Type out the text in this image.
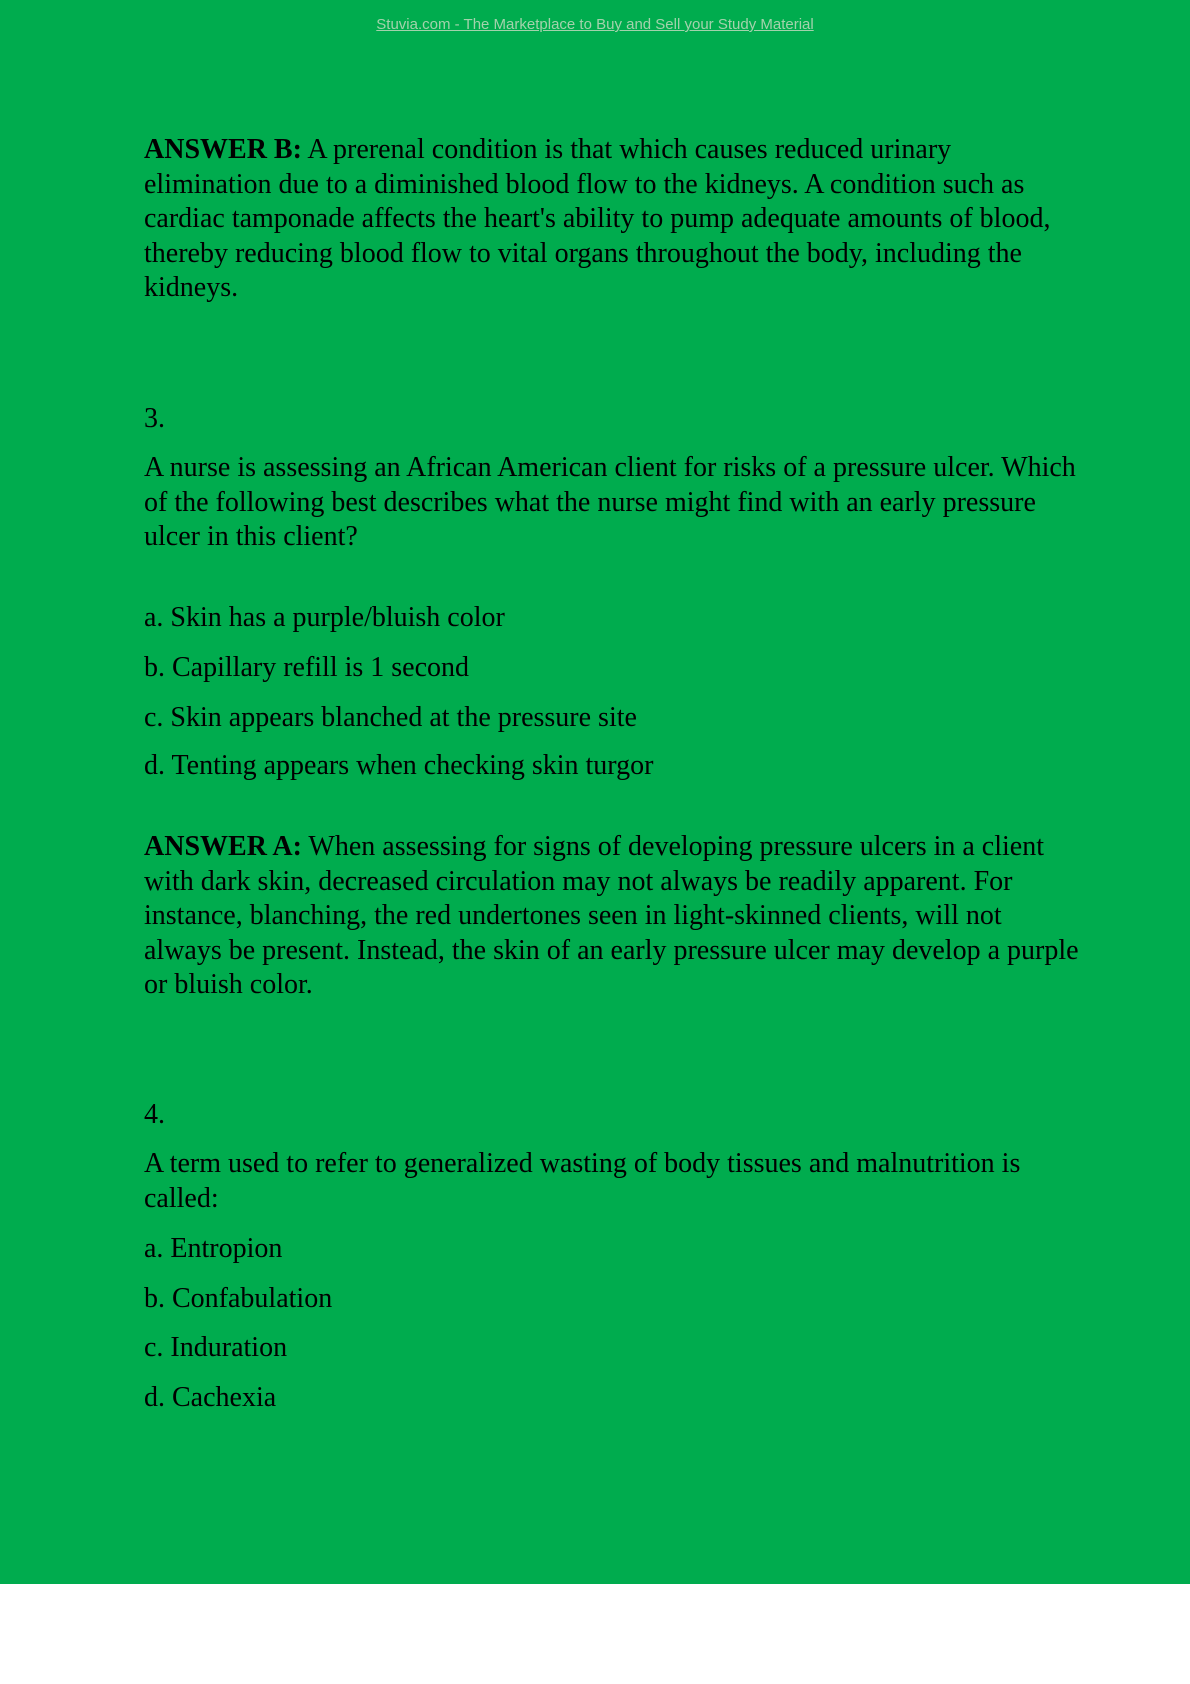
Stuvia.com - The Marketplace to Buy and Sell your Study Material

ANSWER B: A prerenal condition is that which causes reduced urinary elimination due to a diminished blood flow to the kidneys. A condition such as cardiac tamponade affects the heart's ability to pump adequate amounts of blood, thereby reducing blood flow to vital organs throughout the body, including the kidneys.

3.

A nurse is assessing an African American client for risks of a pressure ulcer. Which of the following best describes what the nurse might find with an early pressure ulcer in this client?

a. Skin has a purple/bluish color
b. Capillary refill is 1 second
c. Skin appears blanched at the pressure site
d. Tenting appears when checking skin turgor

ANSWER A: When assessing for signs of developing pressure ulcers in a client with dark skin, decreased circulation may not always be readily apparent. For instance, blanching, the red undertones seen in light-skinned clients, will not always be present. Instead, the skin of an early pressure ulcer may develop a purple or bluish color.

4.

A term used to refer to generalized wasting of body tissues and malnutrition is called:

a. Entropion
b. Confabulation
c. Induration
d. Cachexia
